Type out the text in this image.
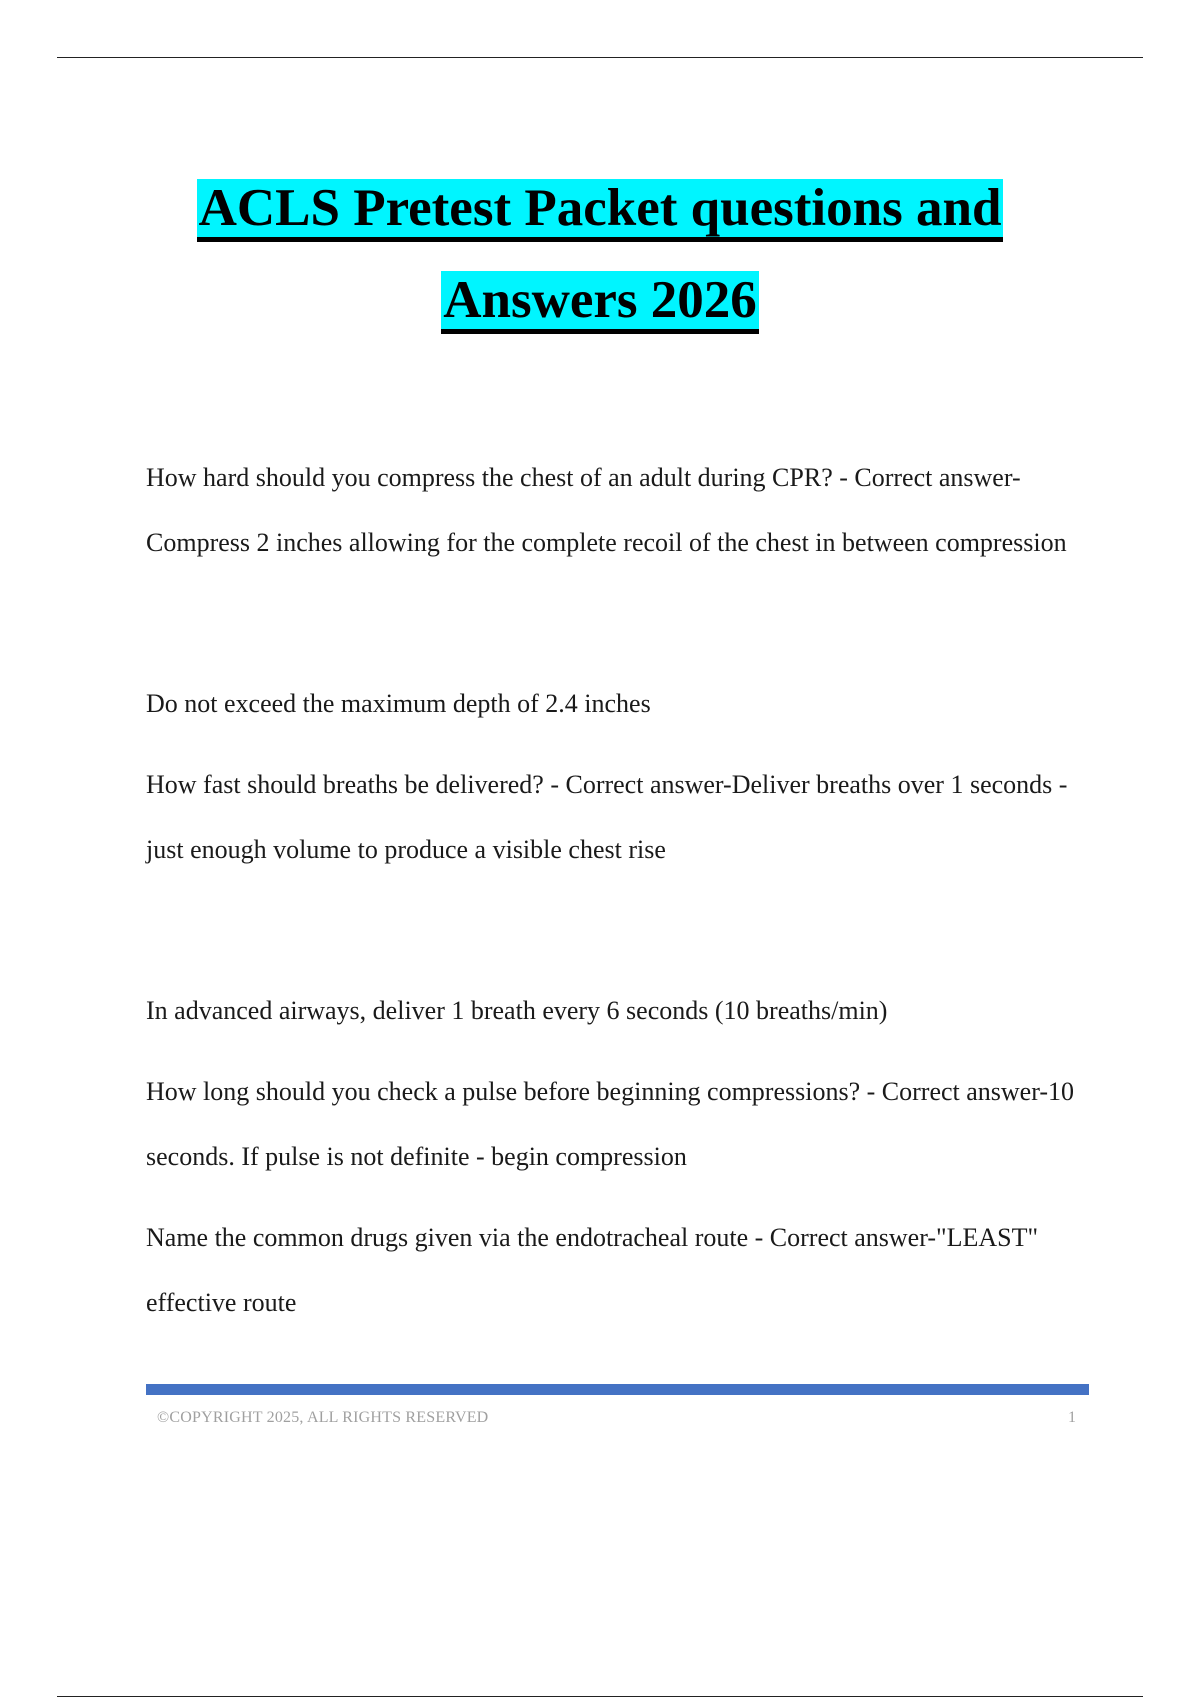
ACLS Pretest Packet questions and
Answers 2026

How hard should you compress the chest of an adult during CPR? - Correct answer-Compress 2 inches allowing for the complete recoil of the chest in between compression

Do not exceed the maximum depth of 2.4 inches

How fast should breaths be delivered? - Correct answer-Deliver breaths over 1 seconds - just enough volume to produce a visible chest rise

In advanced airways, deliver 1 breath every 6 seconds (10 breaths/min)

How long should you check a pulse before beginning compressions? - Correct answer-10 seconds. If pulse is not definite - begin compression

Name the common drugs given via the endotracheal route - Correct answer-"LEAST" effective route

©COPYRIGHT 2025, ALL RIGHTS RESERVED	1
